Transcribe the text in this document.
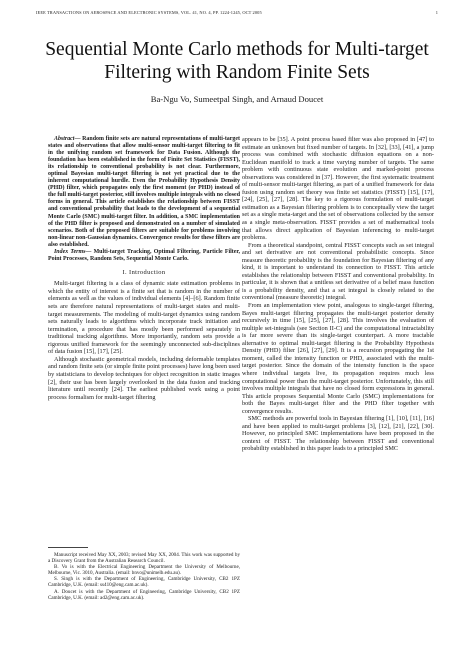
IEEE TRANSACTIONS ON AEROSPACE AND ELECTRONIC SYSTEMS, VOL. 41, NO. 4, PP. 1224-1245, OCT 2005	1
Sequential Monte Carlo methods for Multi-target Filtering with Random Finite Sets
Ba-Ngu Vo, Sumeetpal Singh, and Arnaud Doucet

Abstract— Random finite sets are natural representations of multi-target states and observations that allow multi-sensor multi-target filtering to fit in the unifying random set framework for Data Fusion. Although the foundation has been established in the form of Finite Set Statistics (FISST), its relationship to conventional probability is not clear. Furthermore, optimal Bayesian multi-target filtering is not yet practical due to the inherent computational hurdle. Even the Probability Hypothesis Density (PHD) filter, which propagates only the first moment (or PHD) instead of the full multi-target posterior, still involves multiple integrals with no closed forms in general. This article establishes the relationship between FISST and conventional probability that leads to the development of a sequential Monte Carlo (SMC) multi-target filter. In addition, a SMC implementation of the PHD filter is proposed and demonstrated on a number of simulated scenarios. Both of the proposed filters are suitable for problems involving non-linear non-Gaussian dynamics. Convergence results for these filters are also established.

Index Terms— Multi-target Tracking, Optimal Filtering, Particle Filter, Point Processes, Random Sets, Sequential Monte Carlo.

I. Introduction

Multi-target filtering is a class of dynamic state estimation problems in which the entity of interest is a finite set that is random in the number of elements as well as the values of individual elements [4]–[6]. Random finite sets are therefore natural representations of multi-target states and multi-target measurements. The modeling of multi-target dynamics using random sets naturally leads to algorithms which incorporate track initiation and termination, a procedure that has mostly been performed separately in traditional tracking algorithms. More importantly, random sets provide a rigorous unified framework for the seemingly unconnected sub-disciplines of data fusion [15], [17], [25].

Although stochastic geometrical models, including deformable templates and random finite sets (or simple finite point processes) have long been used by statisticians to develop techniques for object recognition in static images [2], their use has been largely overlooked in the data fusion and tracking literature until recently [24]. The earliest published work using a point process formalism for multi-target filtering

Manuscript received May XX, 2003; revised May XX, 2004. This work was supported by a Discovery Grant from the Australian Research Council.

B. Vo is with the Electrical Engineering Department the University of Melbourne, Melbourne, Vic. 3010, Australia. (email: bnvo@unimelb.edu.au).

S. Singh is with the Department of Engineering, Cambridge University, CB2 1PZ Cambridge, U.K. (email: ss410@eng.cam.ac.uk).

A. Doucet is with the Department of Engineering, Cambridge University, CB2 1PZ Cambridge, U.K. (email: ad2@eng.cam.ac.uk).

appears to be [35]. A point process based filter was also proposed in [47] to estimate an unknown but fixed number of targets. In [32], [33], [41], a jump process was combined with stochastic diffusion equations on a non-Euclidean manifold to track a time varying number of targets. The same problem with continuous state evolution and marked-point process observations was considered in [37]. However, the first systematic treatment of multi-sensor multi-target filtering, as part of a unified framework for data fusion using random set theory was finite set statistics (FISST) [15], [17], [24], [25], [27], [28]. The key to a rigorous formulation of multi-target estimation as a Bayesian filtering problem is to conceptually view the target set as a single meta-target and the set of observations collected by the sensor as a single meta-observation. FISST provides a set of mathematical tools that allows direct application of Bayesian inferencing to multi-target problems.

From a theoretical standpoint, central FISST concepts such as set integral and set derivative are not conventional probabilistic concepts. Since measure theoretic probability is the foundation for Bayesian filtering of any kind, it is important to understand its connection to FISST. This article establishes the relationship between FISST and conventional probability. In particular, it is shown that a unitless set derivative of a belief mass function is a probability density, and that a set integral is closely related to the conventional (measure theoretic) integral.

From an implementation view point, analogous to single-target filtering, Bayes multi-target filtering propagates the multi-target posterior density recursively in time [15], [25], [27], [28]. This involves the evaluation of multiple set-integrals (see Section II-C) and the computational intractability is far more severe than its single-target counterpart. A more tractable alternative to optimal multi-target filtering is the Probability Hypothesis Density (PHD) filter [26], [27], [29]. It is a recursion propagating the 1st moment, called the intensity function or PHD, associated with the multi-target posterior. Since the domain of the intensity function is the space where individual targets live, its propagation requires much less computational power than the multi-target posterior. Unfortunately, this still involves multiple integrals that have no closed form expressions in general. This article proposes Sequential Monte Carlo (SMC) implementations for both the Bayes multi-target filter and the PHD filter together with convergence results.

SMC methods are powerful tools in Bayesian filtering [1], [10], [11], [16] and have been applied to multi-target problems [3], [12], [21], [22], [30]. However, no principled SMC implementations have been proposed in the context of FISST. The relationship between FISST and conventional probability established in this paper leads to a principled SMC
